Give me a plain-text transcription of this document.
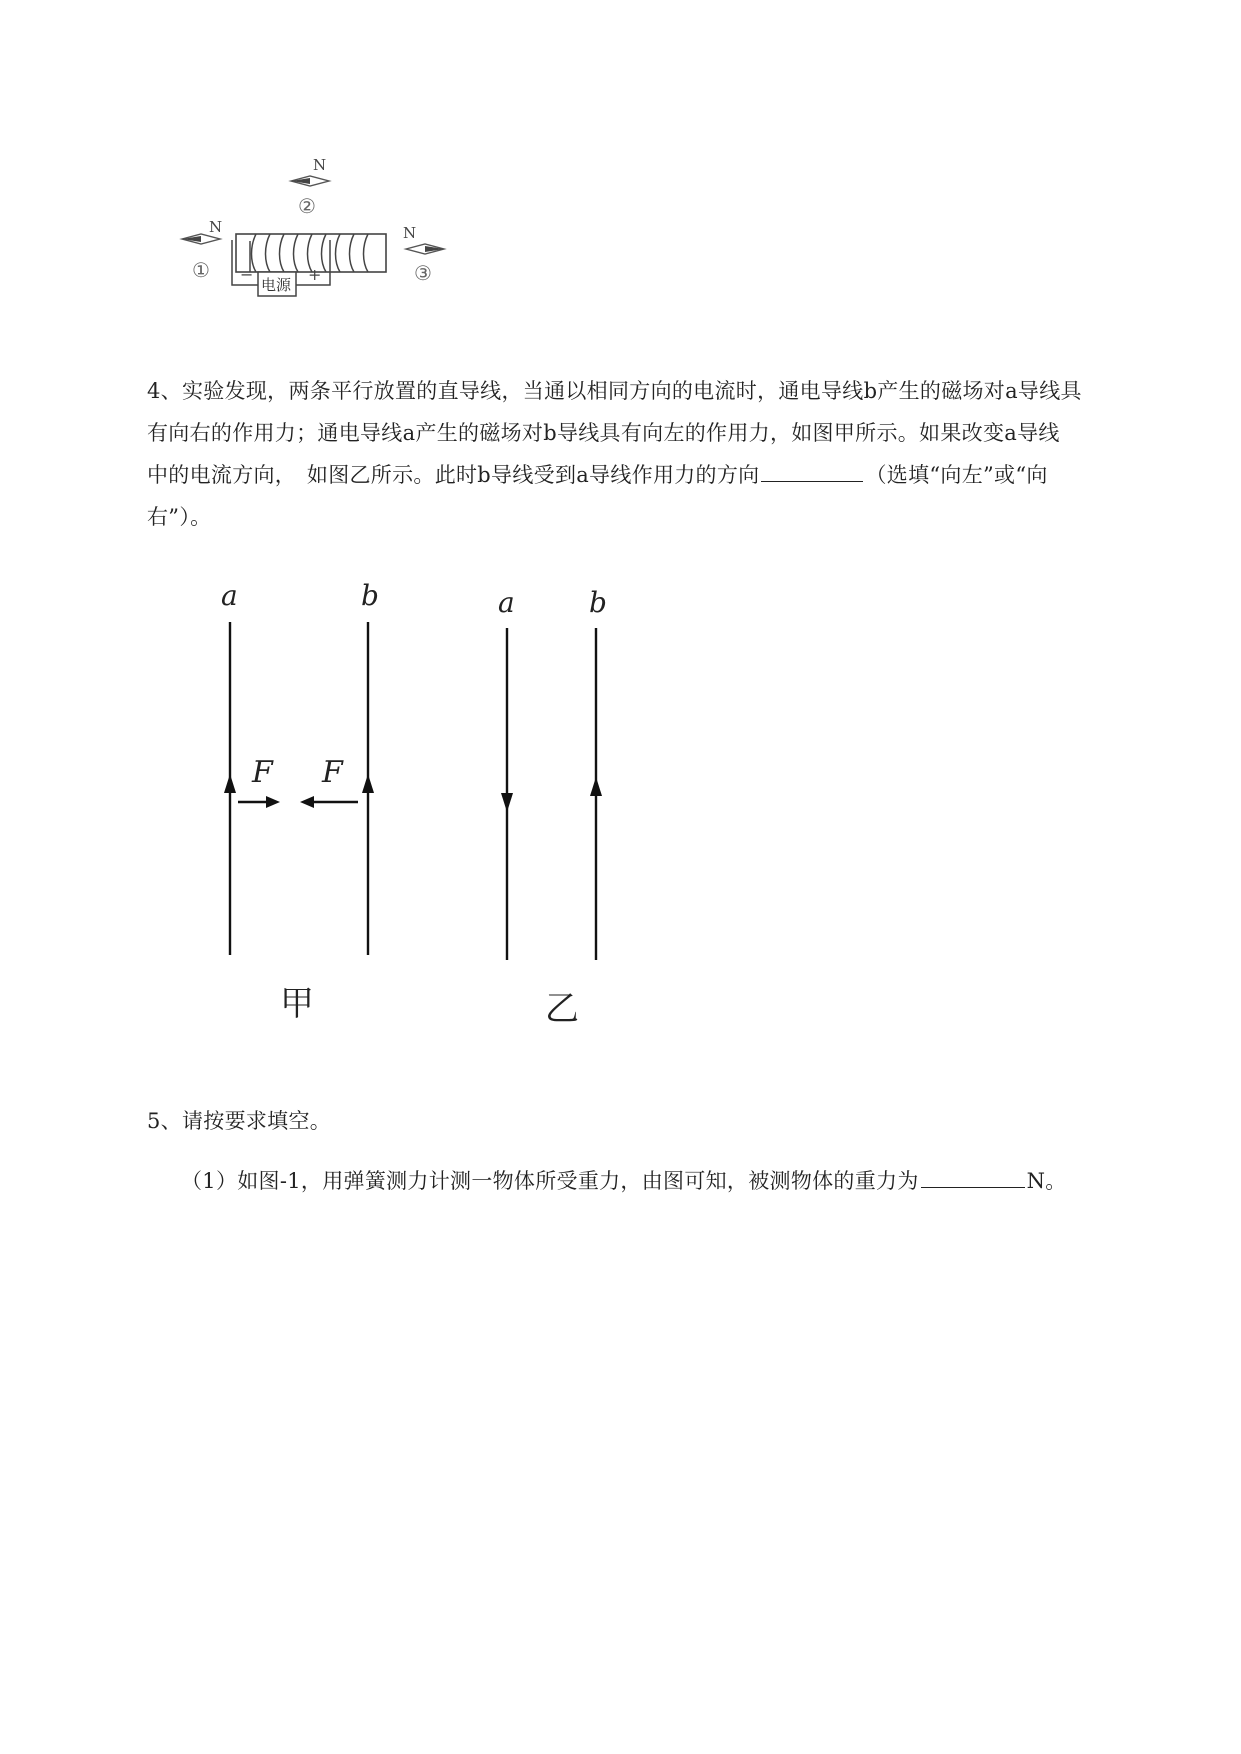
N
②
N
①
N
③
电源
−	+
4、实验发现，两条平行放置的直导线，当通以相同方向的电流时，通电导线b产生的磁场对a导线具
有向右的作用力；通电导线a产生的磁场对b导线具有向左的作用力，如图甲所示。如果改变a导线
中的电流方向，　如图乙所示。此时b导线受到a导线作用力的方向	（选填“向左”或“向
右”）。
a	b
F F
甲
a	b
乙
5、请按要求填空。
（1）如图-1，用弹簧测力计测一物体所受重力，由图可知，被测物体的重力为	N。
